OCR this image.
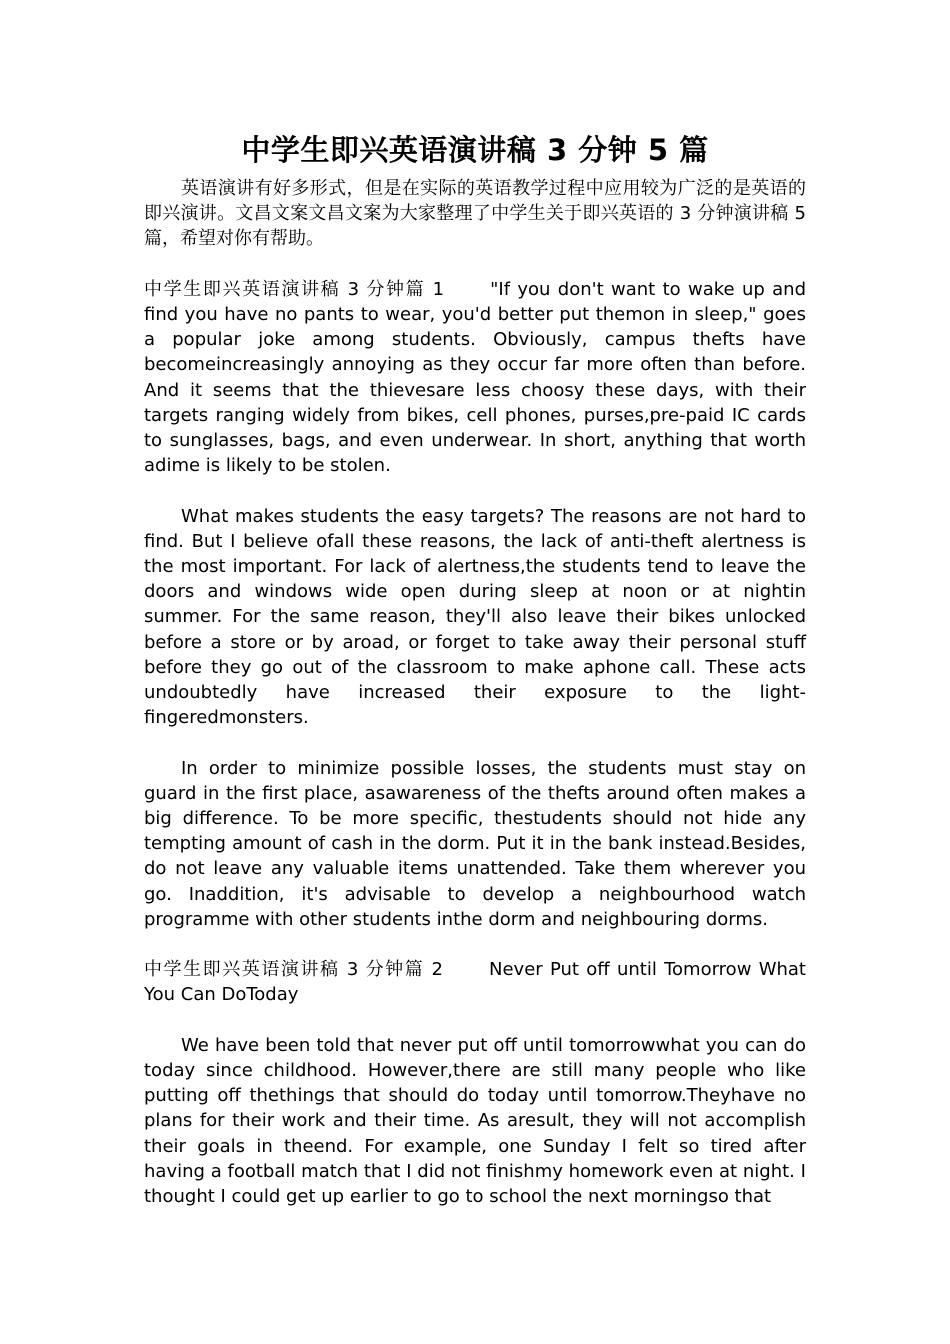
中学生即兴英语演讲稿 3 分钟 5 篇

英语演讲有好多形式，但是在实际的英语教学过程中应用较为广泛的是英语的即兴演讲。文昌文案文昌文案为大家整理了中学生关于即兴英语的 3 分钟演讲稿 5 篇，希望对你有帮助。

中学生即兴英语演讲稿 3 分钟篇 1	"If you don't want to wake up and find you have no pants to wear, you'd better put themon in sleep," goes a popular joke among students. Obviously, campus thefts have becomeincreasingly annoying as they occur far more often than before. And it seems that the thievesare less choosy these days, with their targets ranging widely from bikes, cell phones, purses,pre-paid IC cards to sunglasses, bags, and even underwear. In short, anything that worth adime is likely to be stolen.

What makes students the easy targets? The reasons are not hard to find. But I believe ofall these reasons, the lack of anti-theft alertness is the most important. For lack of alertness,the students tend to leave the doors and windows wide open during sleep at noon or at nightin summer. For the same reason, they'll also leave their bikes unlocked before a store or by aroad, or forget to take away their personal stuff before they go out of the classroom to make aphone call. These acts undoubtedly have increased their exposure to the light-fingeredmonsters.

In order to minimize possible losses, the students must stay on guard in the first place, asawareness of the thefts around often makes a big difference. To be more specific, thestudents should not hide any tempting amount of cash in the dorm. Put it in the bank instead.Besides, do not leave any valuable items unattended. Take them wherever you go. Inaddition, it's advisable to develop a neighbourhood watch programme with other students inthe dorm and neighbouring dorms.

中学生即兴英语演讲稿 3 分钟篇 2	Never Put off until Tomorrow What You Can DoToday

We have been told that never put off until tomorrowwhat you can do today since childhood. However,there are still many people who like putting off thethings that should do today until tomorrow.Theyhave no plans for their work and their time. As aresult, they will not accomplish their goals in theend. For example, one Sunday I felt so tired after having a football match that I did not finishmy homework even at night. I thought I could get up earlier to go to school the next morningso that
